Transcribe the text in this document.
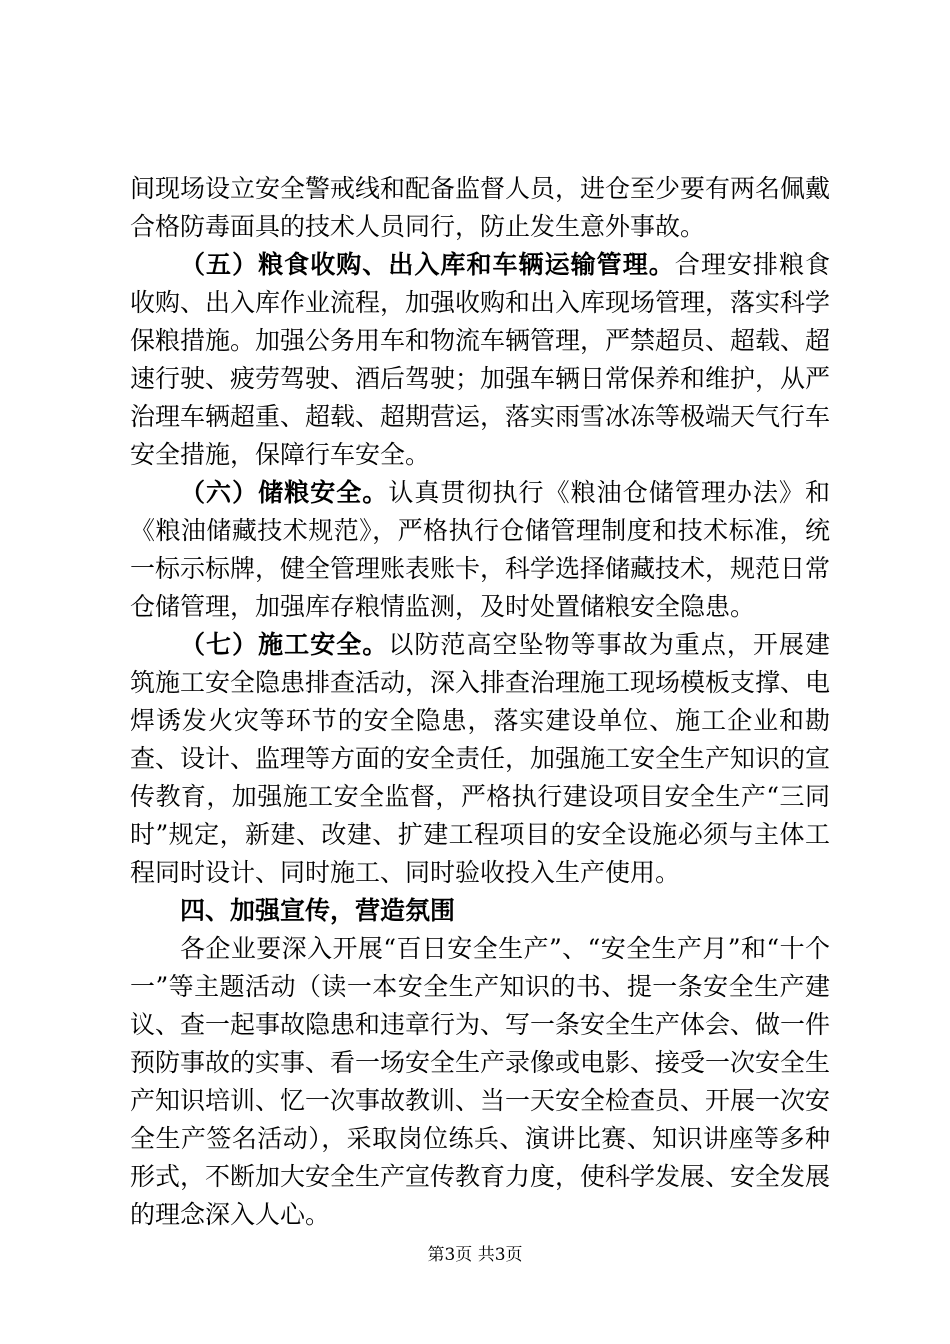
间现场设立安全警戒线和配备监督人员，进仓至少要有两名佩戴合格防毒面具的技术人员同行，防止发生意外事故。

（五）粮食收购、出入库和车辆运输管理。合理安排粮食收购、出入库作业流程，加强收购和出入库现场管理，落实科学保粮措施。加强公务用车和物流车辆管理，严禁超员、超载、超速行驶、疲劳驾驶、酒后驾驶；加强车辆日常保养和维护，从严治理车辆超重、超载、超期营运，落实雨雪冰冻等极端天气行车安全措施，保障行车安全。

（六）储粮安全。认真贯彻执行《粮油仓储管理办法》和《粮油储藏技术规范》，严格执行仓储管理制度和技术标准，统一标示标牌，健全管理账表账卡，科学选择储藏技术，规范日常仓储管理，加强库存粮情监测，及时处置储粮安全隐患。

（七）施工安全。以防范高空坠物等事故为重点，开展建筑施工安全隐患排查活动，深入排查治理施工现场模板支撑、电焊诱发火灾等环节的安全隐患，落实建设单位、施工企业和勘查、设计、监理等方面的安全责任，加强施工安全生产知识的宣传教育，加强施工安全监督，严格执行建设项目安全生产“三同时”规定，新建、改建、扩建工程项目的安全设施必须与主体工程同时设计、同时施工、同时验收投入生产使用。

四、加强宣传，营造氛围

各企业要深入开展“百日安全生产”、“安全生产月”和“十个一”等主题活动（读一本安全生产知识的书、提一条安全生产建议、查一起事故隐患和违章行为、写一条安全生产体会、做一件预防事故的实事、看一场安全生产录像或电影、接受一次安全生产知识培训、忆一次事故教训、当一天安全检查员、开展一次安全生产签名活动），采取岗位练兵、演讲比赛、知识讲座等多种形式，不断加大安全生产宣传教育力度，使科学发展、安全发展的理念深入人心。

第3页 共3页
